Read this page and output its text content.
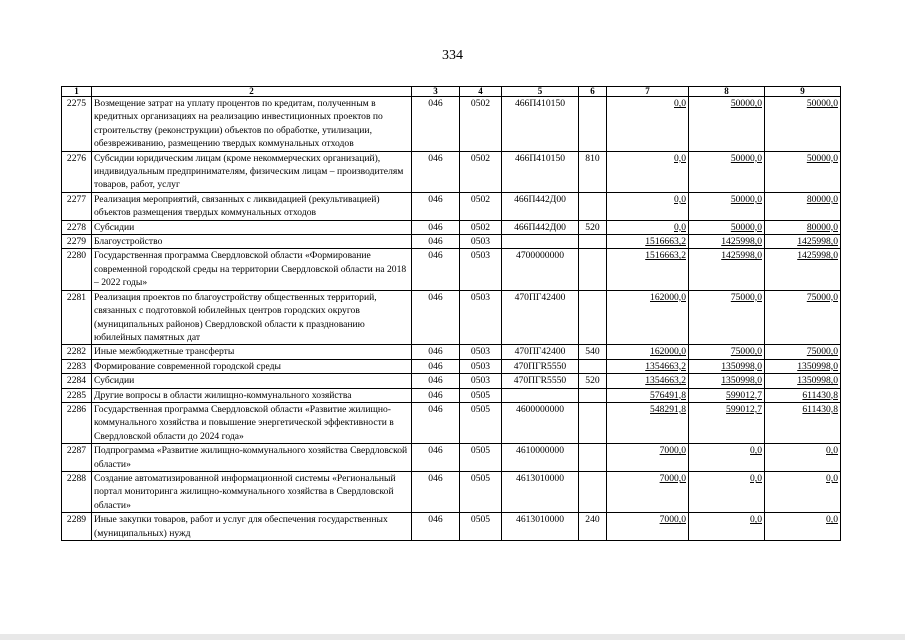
334
1	2	3	4	5	6	7	8	9
2275	Возмещение затрат на уплату процентов по кредитам, полученным в кредитных организациях на реализацию инвестиционных проектов по строительству (реконструкции) объектов по обработке, утилизации, обезвреживанию, размещению твердых коммунальных отходов	046	0502	466П410150		0,0	50000,0	50000,0
2276	Субсидии юридическим лицам (кроме некоммерческих организаций), индивидуальным предпринимателям, физическим лицам – производителям товаров, работ, услуг	046	0502	466П410150	810	0,0	50000,0	50000,0
2277	Реализация мероприятий, связанных с ликвидацией (рекультивацией) объектов размещения твердых коммунальных отходов	046	0502	466П442Д00		0,0	50000,0	80000,0
2278	Субсидии	046	0502	466П442Д00	520	0,0	50000,0	80000,0
2279	Благоустройство	046	0503			1516663,2	1425998,0	1425998,0
2280	Государственная программа Свердловской области «Формирование современной городской среды на территории Свердловской области на 2018 – 2022 годы»	046	0503	4700000000		1516663,2	1425998,0	1425998,0
2281	Реализация проектов по благоустройству общественных территорий, связанных с подготовкой юбилейных центров городских округов (муниципальных районов) Свердловской области к празднованию юбилейных памятных дат	046	0503	470ПГ42400		162000,0	75000,0	75000,0
2282	Иные межбюджетные трансферты	046	0503	470ПГ42400	540	162000,0	75000,0	75000,0
2283	Формирование современной городской среды	046	0503	470ПГR5550		1354663,2	1350998,0	1350998,0
2284	Субсидии	046	0503	470ПГR5550	520	1354663,2	1350998,0	1350998,0
2285	Другие вопросы в области жилищно-коммунального хозяйства	046	0505			576491,8	599012,7	611430,8
2286	Государственная программа Свердловской области «Развитие жилищно-коммунального хозяйства и повышение энергетической эффективности в Свердловской области до 2024 года»	046	0505	4600000000		548291,8	599012,7	611430,8
2287	Подпрограмма «Развитие жилищно-коммунального хозяйства Свердловской области»	046	0505	4610000000		7000,0	0,0	0,0
2288	Создание автоматизированной информационной системы «Региональный портал мониторинга жилищно-коммунального хозяйства в Свердловской области»	046	0505	4613010000		7000,0	0,0	0,0
2289	Иные закупки товаров, работ и услуг для обеспечения государственных (муниципальных) нужд	046	0505	4613010000	240	7000,0	0,0	0,0
